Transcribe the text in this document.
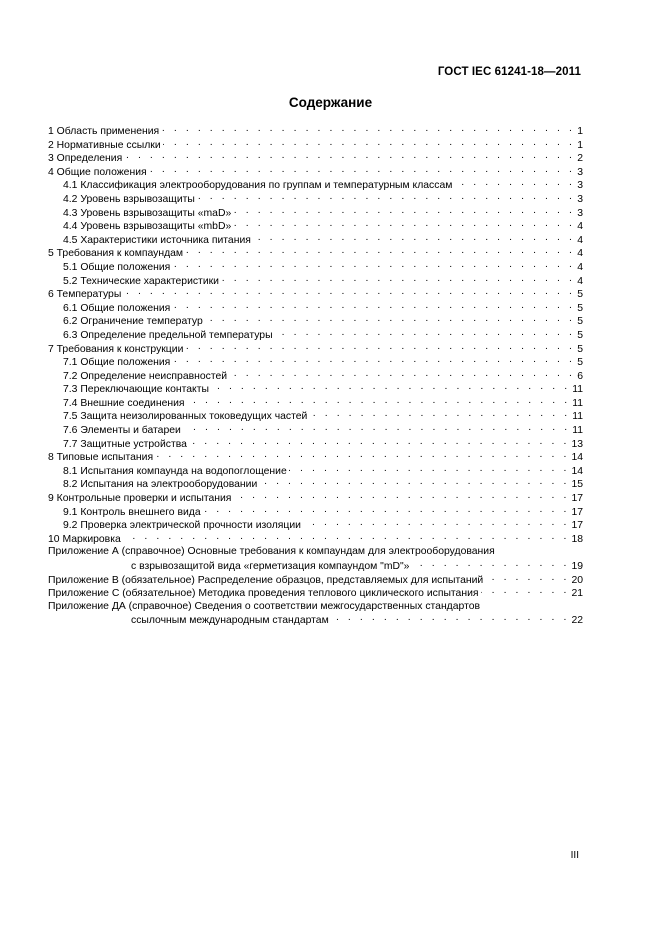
ГОСТ IEC 61241-18—2011
Содержание
1 Область применения . . .	1
2 Нормативные ссылки . . .	1
3 Определения . . .	2
4 Общие положения . . .	3
4.1 Классификация электрооборудования по группам и температурным классам . . .	3
4.2 Уровень взрывозащиты . . .	3
4.3 Уровень взрывозащиты «maD» . . .	3
4.4 Уровень взрывозащиты «mbD» . . .	4
4.5 Характеристики источника питания . . .	4
5 Требования к компаундам . . .	4
5.1 Общие положения . . .	4
5.2 Технические характеристики . . .	4
6 Температуры . . .	5
6.1 Общие положения . . .	5
6.2 Ограничение температур . . .	5
6.3 Определение предельной температуры . . .	5
7 Требования к конструкции . . .	5
7.1 Общие положения . . .	5
7.2 Определение неисправностей . . .	6
7.3 Переключающие контакты . . .	11
7.4 Внешние соединения . . .	11
7.5 Защита неизолированных токоведущих частей . . .	11
7.6 Элементы и батареи . . .	11
7.7 Защитные устройства . . .	13
8 Типовые испытания . . .	14
8.1 Испытания компаунда на водопоглощение . . .	14
8.2 Испытания на электрооборудовании . . .	15
9 Контрольные проверки и испытания . . .	17
9.1 Контроль внешнего вида . . .	17
9.2 Проверка электрической прочности изоляции . . .	17
10 Маркировка . . .	18
Приложение А (справочное) Основные требования к компаундам для электрооборудования
с взрывозащитой вида «герметизация компаундом "mD"» . . .	19
Приложение В (обязательное) Распределение образцов, представляемых для испытаний . . .	20
Приложение С (обязательное) Методика проведения теплового циклического испытания . . .	21
Приложение ДА (справочное) Сведения о соответствии межгосударственных стандартов
ссылочным международным стандартам . . .	22
III
